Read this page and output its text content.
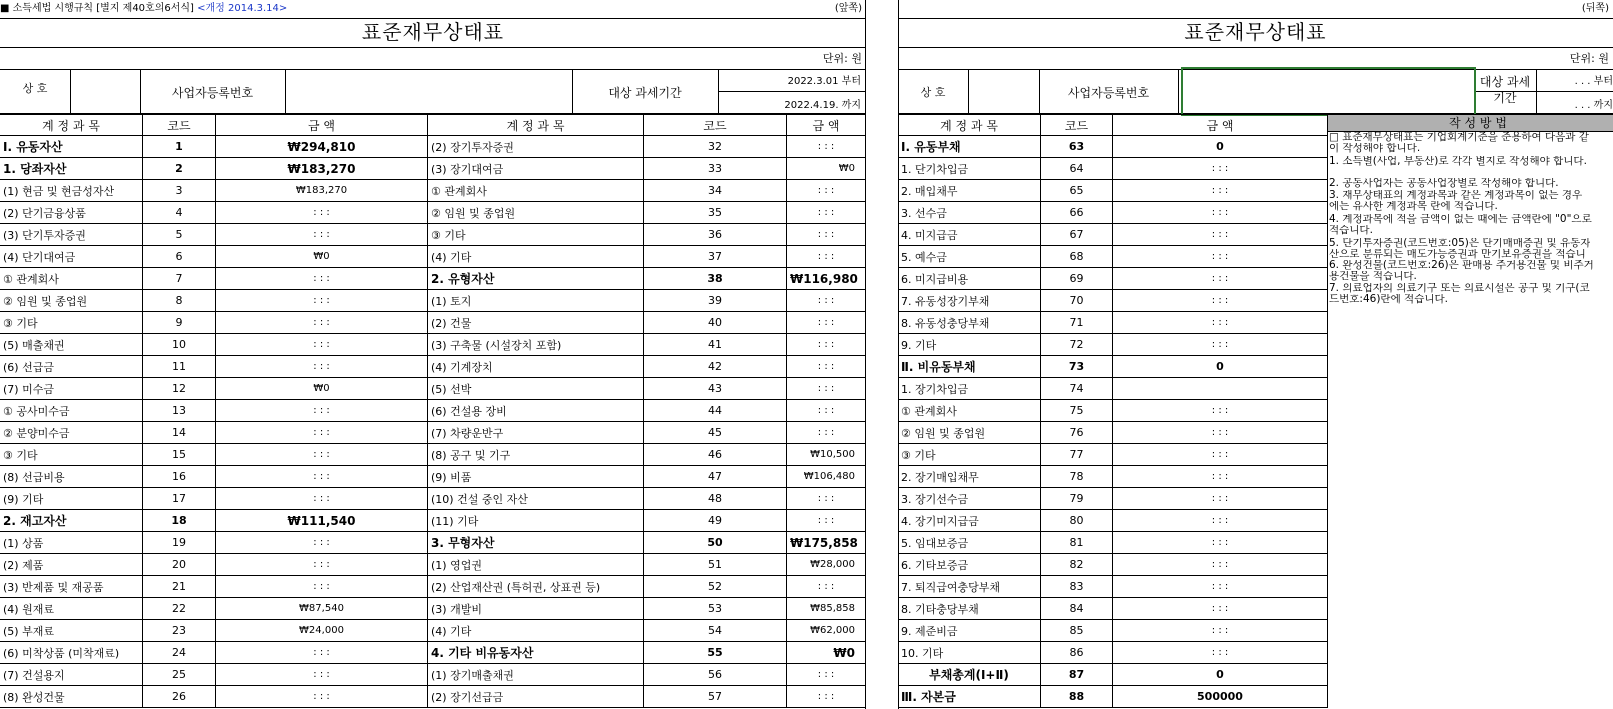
■ 소득세법 시행규칙 [별지 제40호의6서식] <개정 2014.3.14>	(앞쪽)
표준재무상태표
단위: 원
상 호	사업자등록번호	대상 과세기간
2022.3.01 부터
2022.4.19. 까지
계 정 과 목	코드	금 액	계 정 과 목	코드	금 액
Ⅰ. 유동자산	1	₩294,810	(2) 장기투자증권	32	: : :
1. 당좌자산	2	₩183,270	(3) 장기대여금	33	₩0
(1) 현금 및 현금성자산	3	₩183,270	① 관계회사	34	: : :
(2) 단기금융상품	4	: : :	② 임원 및 종업원	35	: : :
(3) 단기투자증권	5	: : :	③ 기타	36	: : :
(4) 단기대여금	6	₩0	(4) 기타	37	: : :
① 관계회사	7	: : :	2. 유형자산	38	₩116,980
② 임원 및 종업원	8	: : :	(1) 토지	39	: : :
③ 기타	9	: : :	(2) 건물	40	: : :
(5) 매출채권	10	: : :	(3) 구축물 (시설장치 포함)	41	: : :
(6) 선급금	11	: : :	(4) 기계장치	42	: : :
(7) 미수금	12	₩0	(5) 선박	43	: : :
① 공사미수금	13	: : :	(6) 건설용 장비	44	: : :
② 분양미수금	14	: : :	(7) 차량운반구	45	: : :
③ 기타	15	: : :	(8) 공구 및 기구	46	₩10,500
(8) 선급비용	16	: : :	(9) 비품	47	₩106,480
(9) 기타	17	: : :	(10) 건설 중인 자산	48	: : :
2. 재고자산	18	₩111,540	(11) 기타	49	: : :
(1) 상품	19	: : :	3. 무형자산	50	₩175,858
(2) 제품	20	: : :	(1) 영업권	51	₩28,000
(3) 반제품 및 재공품	21	: : :	(2) 산업재산권 (특허권, 상표권 등)	52	: : :
(4) 원재료	22	₩87,540	(3) 개발비	53	₩85,858
(5) 부재료	23	₩24,000	(4) 기타	54	₩62,000
(6) 미착상품 (미착재료)	24	: : :	4. 기타 비유동자산	55	₩0
(7) 건설용지	25	: : :	(1) 장기매출채권	56	: : :
(8) 완성건물	26	: : :	(2) 장기선급금	57	: : :
(뒤쪽)
표준재무상태표
단위: 원
상 호	사업자등록번호
대상 과세 기간
. . . 부터
. . . 까지
계 정 과 목	코드	금 액
Ⅰ. 유동부채	63	0
1. 단기차입금	64	: : :
2. 매입채무	65	: : :
3. 선수금	66	: : :
4. 미지급금	67	: : :
5. 예수금	68	: : :
6. 미지급비용	69	: : :
7. 유동성장기부채	70	: : :
8. 유동성충당부채	71	: : :
9. 기타	72	: : :
Ⅱ. 비유동부채	73	0
1. 장기차입금	74	
① 관계회사	75	: : :
② 임원 및 종업원	76	: : :
③ 기타	77	: : :
2. 장기매입채무	78	: : :
3. 장기선수금	79	: : :
4. 장기미지급금	80	: : :
5. 임대보증금	81	: : :
6. 기타보증금	82	: : :
7. 퇴직급여충당부채	83	: : :
8. 기타충당부채	84	: : :
9. 제준비금	85	: : :
10. 기타	86	: : :
부채총계(Ⅰ+Ⅱ)	87	0
Ⅲ. 자본금	88	500000
작 성 방 법
□ 표준재무상태표는 기업회계기준을 준용하여 다음과 같
이 작성해야 합니다.
1. 소득별(사업, 부동산)로 각각 별지로 작성해야 합니다.
2. 공동사업자는 공동사업장별로 작성해야 합니다.
3. 재무상태표의 계정과목과 같은 계정과목이 없는 경우
에는 유사한 계정과목 란에 적습니다.
4. 계정과목에 적을 금액이 없는 때에는 금액란에 "0"으로
적습니다.
5. 단기투자증권(코드번호:05)은 단기매매증권 및 유동자
산으로 분류되는 매도가능증권과 만기보유증권을 적습니
6. 완성건물(코드번호:26)은 판매용 주거용건물 및 비주거
용건물을 적습니다.
7. 의료업자의 의료기구 또는 의료시설은 공구 및 기구(코
드번호:46)란에 적습니다.
